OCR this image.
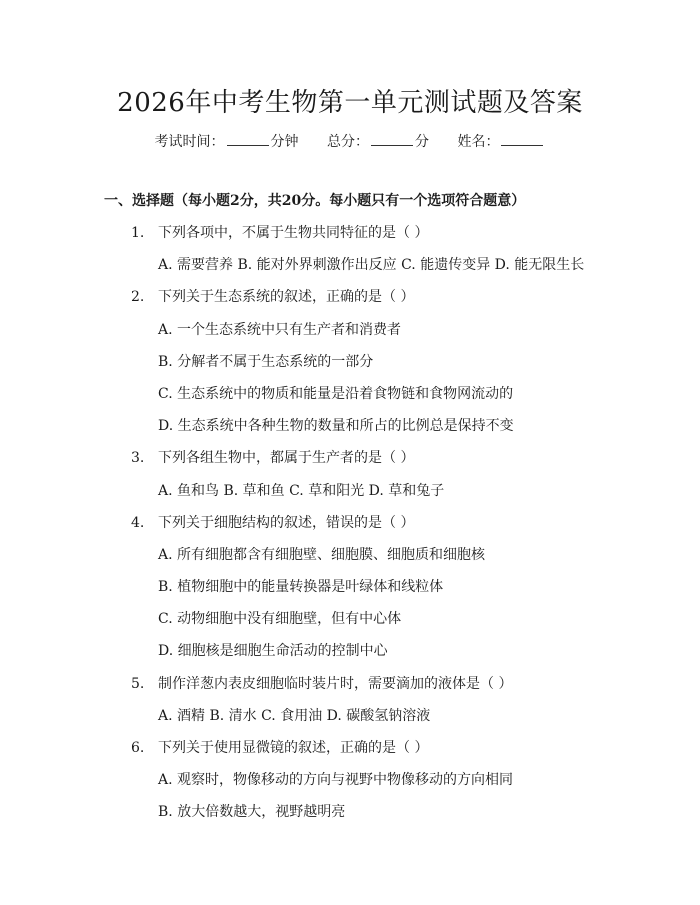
2026年中考生物第一单元测试题及答案
考试时间：	分钟 总分：	分 姓名：
一、选择题（每小题2分，共20分。每小题只有一个选项符合题意）
1. 下列各项中，不属于生物共同特征的是（ ）
A. 需要营养 B. 能对外界刺激作出反应 C. 能遗传变异 D. 能无限生长
2. 下列关于生态系统的叙述，正确的是（ ）
A. 一个生态系统中只有生产者和消费者
B. 分解者不属于生态系统的一部分
C. 生态系统中的物质和能量是沿着食物链和食物网流动的
D. 生态系统中各种生物的数量和所占的比例总是保持不变
3. 下列各组生物中，都属于生产者的是（ ）
A. 鱼和鸟 B. 草和鱼 C. 草和阳光 D. 草和兔子
4. 下列关于细胞结构的叙述，错误的是（ ）
A. 所有细胞都含有细胞壁、细胞膜、细胞质和细胞核
B. 植物细胞中的能量转换器是叶绿体和线粒体
C. 动物细胞中没有细胞壁，但有中心体
D. 细胞核是细胞生命活动的控制中心
5. 制作洋葱内表皮细胞临时装片时，需要滴加的液体是（ ）
A. 酒精 B. 清水 C. 食用油 D. 碳酸氢钠溶液
6. 下列关于使用显微镜的叙述，正确的是（ ）
A. 观察时，物像移动的方向与视野中物像移动的方向相同
B. 放大倍数越大，视野越明亮
